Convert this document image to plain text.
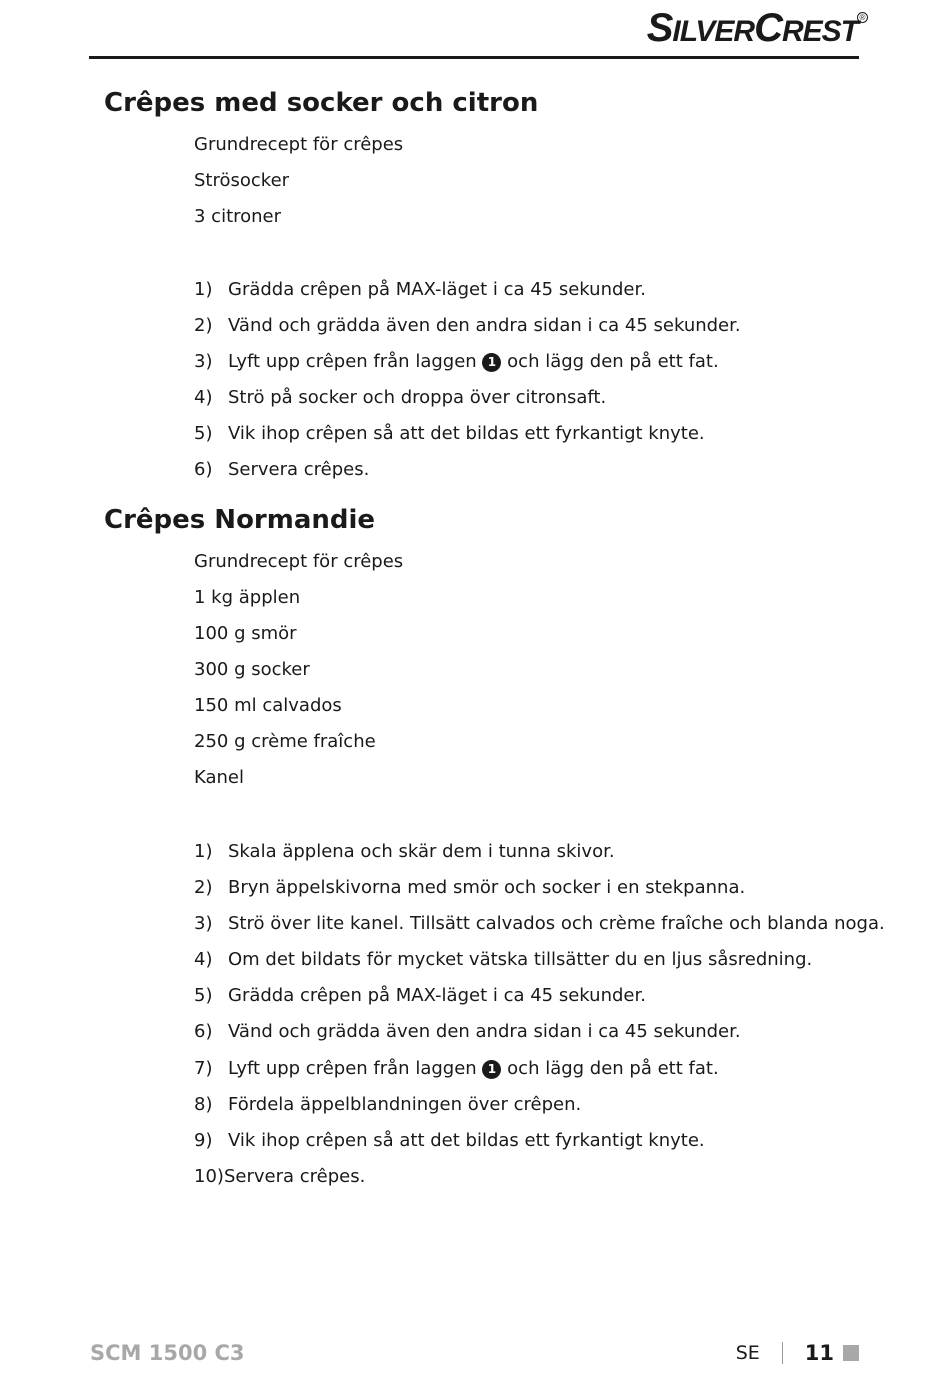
SILVERCREST ®
Crêpes med socker och citron
Grundrecept för crêpes
Strösocker
3 citroner
1) Grädda crêpen på MAX-läget i ca 45 sekunder.
2) Vänd och grädda även den andra sidan i ca 45 sekunder.
3) Lyft upp crêpen från laggen 1 och lägg den på ett fat.
4) Strö på socker och droppa över citronsaft.
5) Vik ihop crêpen så att det bildas ett fyrkantigt knyte.
6) Servera crêpes.
Crêpes Normandie
Grundrecept för crêpes
1 kg äpplen
100 g smör
300 g socker
150 ml calvados
250 g crème fraîche
Kanel
1) Skala äpplena och skär dem i tunna skivor.
2) Bryn äppelskivorna med smör och socker i en stekpanna.
3) Strö över lite kanel. Tillsätt calvados och crème fraîche och blanda noga.
4) Om det bildats för mycket vätska tillsätter du en ljus såsredning.
5) Grädda crêpen på MAX-läget i ca 45 sekunder.
6) Vänd och grädda även den andra sidan i ca 45 sekunder.
7) Lyft upp crêpen från laggen 1 och lägg den på ett fat.
8) Fördela äppelblandningen över crêpen.
9) Vik ihop crêpen så att det bildas ett fyrkantigt knyte.
10)Servera crêpes.
SCM 1500 C3	SE 11
